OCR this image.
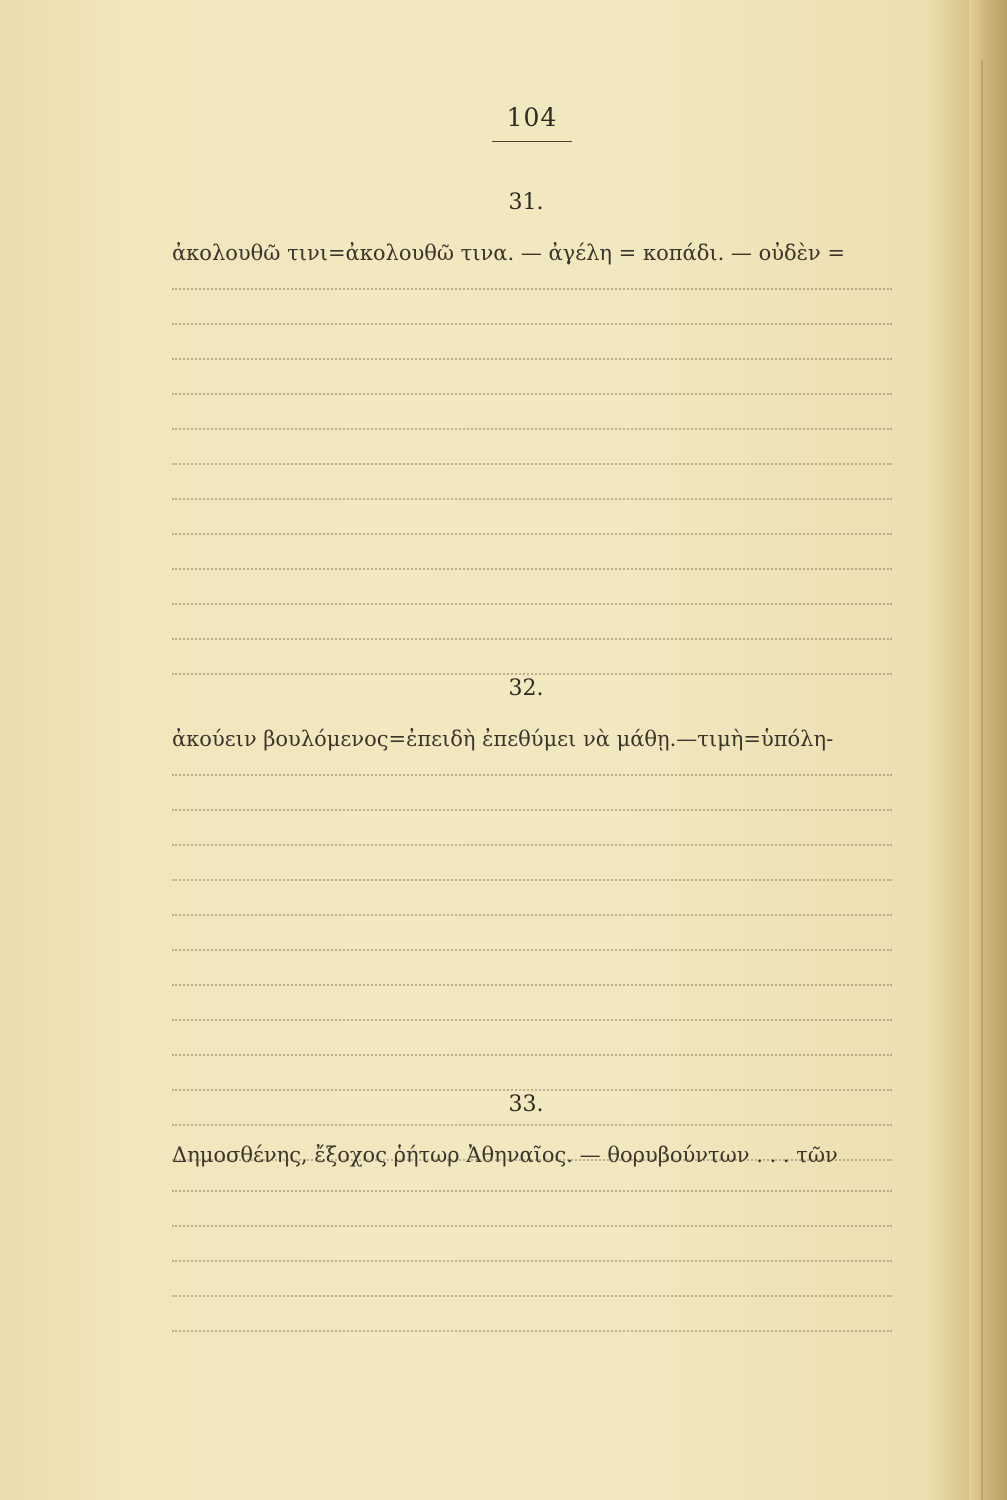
104
31.
ἀκολουθῶ τινι=ἀκολουθῶ τινα. — ἀγέλη = κοπάδι. — οὐδὲν =
32.
ἀκούειν βουλόμενος=ἐπειδὴ ἐπεθύμει νὰ μάθῃ.—τιμὴ=ὑπόλη-
33.
Δημοσθένης, ἔξοχος ῥήτωρ Ἀθηναῖος. — θορυβούντων . . . τῶν
